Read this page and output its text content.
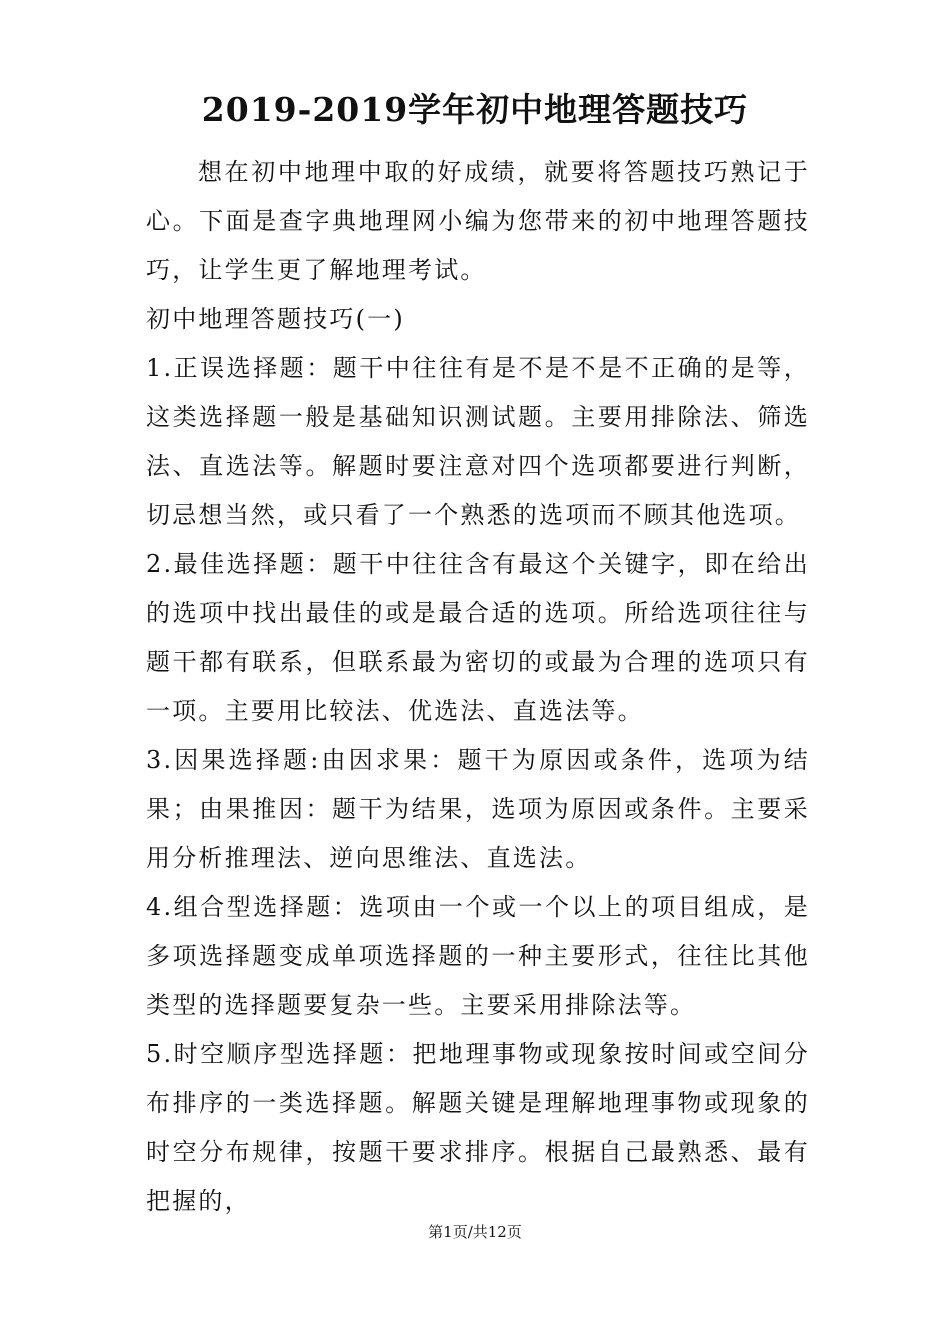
2019-2019学年初中地理答题技巧

想在初中地理中取的好成绩，就要将答题技巧熟记于心。下面是查字典地理网小编为您带来的初中地理答题技巧，让学生更了解地理考试。

初中地理答题技巧(一)

1.正误选择题：题干中往往有是不是不是不正确的是等，这类选择题一般是基础知识测试题。主要用排除法、筛选法、直选法等。解题时要注意对四个选项都要进行判断，切忌想当然，或只看了一个熟悉的选项而不顾其他选项。

2.最佳选择题：题干中往往含有最这个关键字，即在给出的选项中找出最佳的或是最合适的选项。所给选项往往与题干都有联系，但联系最为密切的或最为合理的选项只有一项。主要用比较法、优选法、直选法等。

3.因果选择题:由因求果：题干为原因或条件，选项为结果；由果推因：题干为结果，选项为原因或条件。主要采用分析推理法、逆向思维法、直选法。

4.组合型选择题：选项由一个或一个以上的项目组成，是多项选择题变成单项选择题的一种主要形式，往往比其他类型的选择题要复杂一些。主要采用排除法等。

5.时空顺序型选择题：把地理事物或现象按时间或空间分布排序的一类选择题。解题关键是理解地理事物或现象的时空分布规律，按题干要求排序。根据自己最熟悉、最有把握的，

第1页/共12页
